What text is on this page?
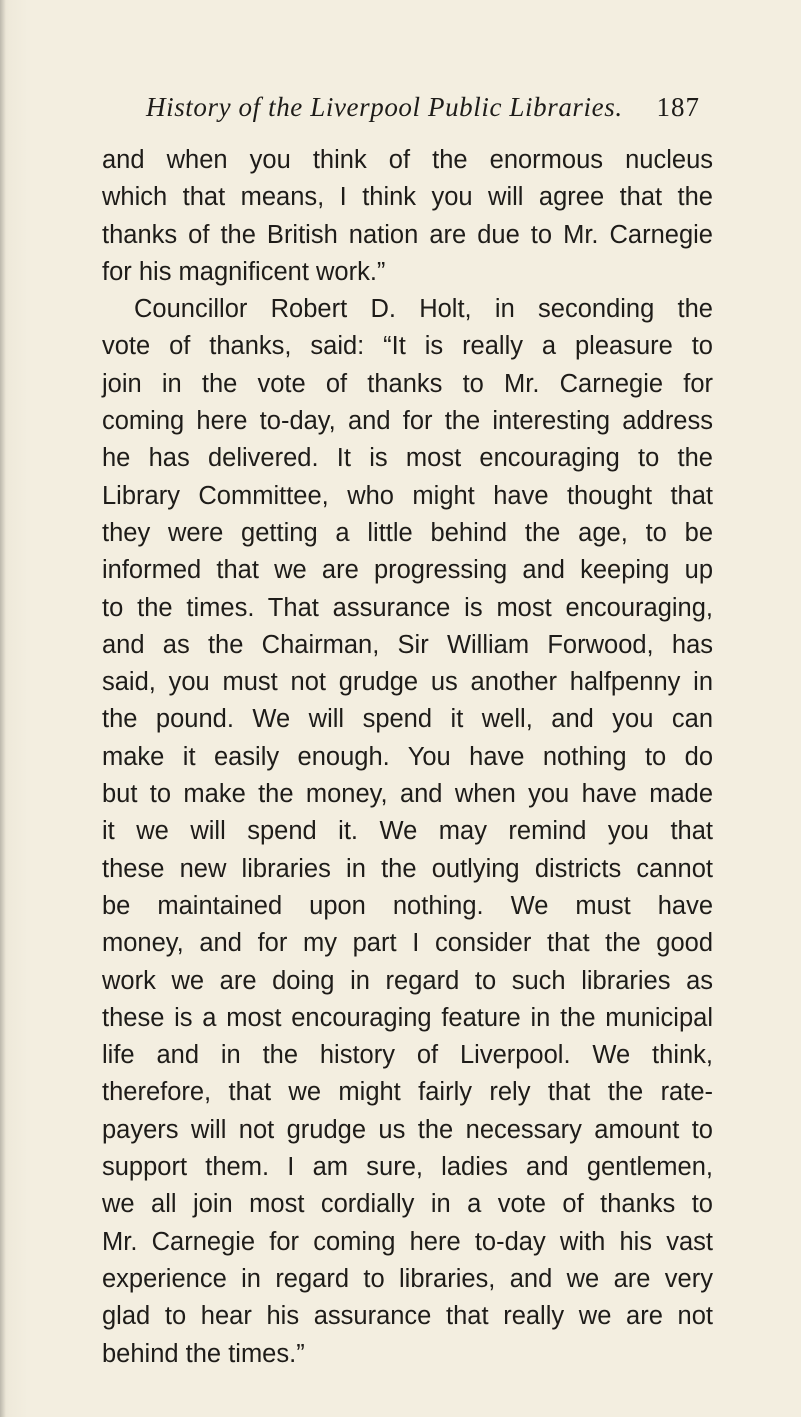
History of the Liverpool Public Libraries. 187
and when you think of the enormous nucleus
which that means, I think you will agree that the
thanks of the British nation are due to Mr. Carnegie
for his magnificent work.”
Councillor Robert D. Holt, in seconding the
vote of thanks, said: “It is really a pleasure to
join in the vote of thanks to Mr. Carnegie for
coming here to-day, and for the interesting address
he has delivered. It is most encouraging to the
Library Committee, who might have thought that
they were getting a little behind the age, to be
informed that we are progressing and keeping up
to the times. That assurance is most encouraging,
and as the Chairman, Sir William Forwood, has
said, you must not grudge us another halfpenny in
the pound. We will spend it well, and you can
make it easily enough. You have nothing to do
but to make the money, and when you have made
it we will spend it. We may remind you that
these new libraries in the outlying districts cannot
be maintained upon nothing. We must have
money, and for my part I consider that the good
work we are doing in regard to such libraries as
these is a most encouraging feature in the municipal
life and in the history of Liverpool. We think,
therefore, that we might fairly rely that the rate-
payers will not grudge us the necessary amount to
support them. I am sure, ladies and gentlemen,
we all join most cordially in a vote of thanks to
Mr. Carnegie for coming here to-day with his vast
experience in regard to libraries, and we are very
glad to hear his assurance that really we are not
behind the times.”
